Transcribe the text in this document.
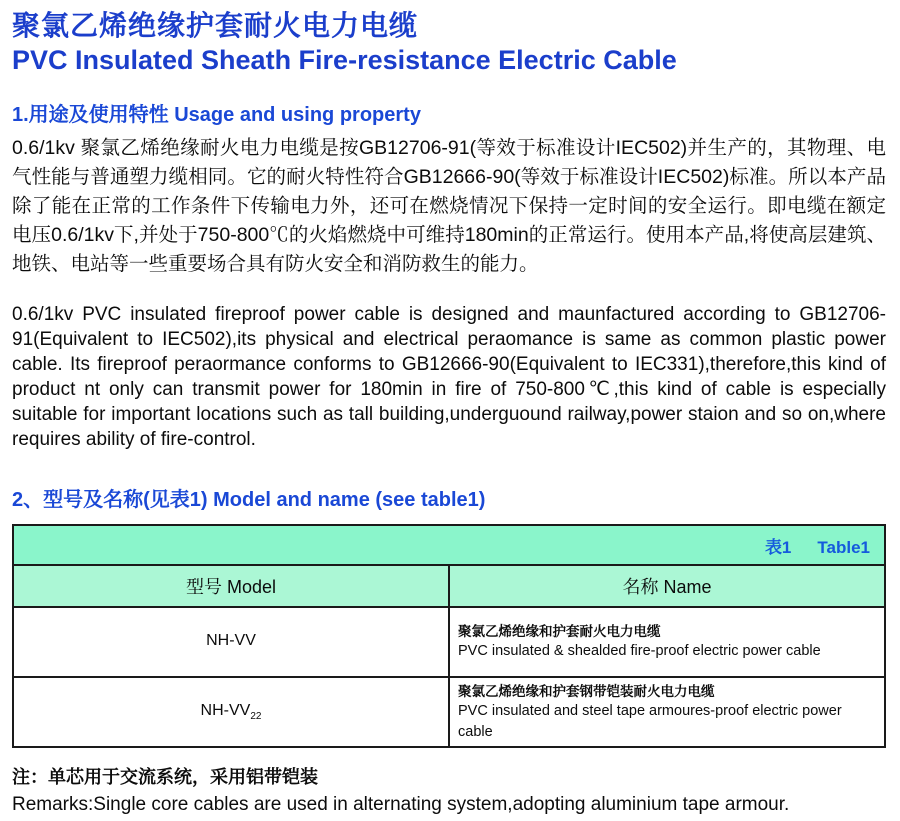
聚氯乙烯绝缘护套耐火电力电缆
PVC Insulated Sheath Fire-resistance Electric Cable
1.用途及使用特性 Usage and using property

0.6/1kv 聚氯乙烯绝缘耐火电力电缆是按GB12706-91(等效于标准设计IEC502)并生产的，其物理、电气性能与普通塑力缆相同。它的耐火特性符合GB12666-90(等效于标准设计IEC502)标准。所以本产品除了能在正常的工作条件下传输电力外，还可在燃烧情况下保持一定时间的安全运行。即电缆在额定电压0.6/1kv下,并处于750-800℃的火焰燃烧中可维持180min的正常运行。使用本产品,将使高层建筑、地铁、电站等一些重要场合具有防火安全和消防救生的能力。

0.6/1kv PVC insulated fireproof power cable is designed and maunfactured according to GB12706-91(Equivalent to IEC502),its physical and electrical peraomance is same as common plastic power cable. Its fireproof peraormance conforms to GB12666-90(Equivalent to IEC331),therefore,this kind of product nt only can transmit power for 180min in fire of 750-800℃,this kind of cable is especially suitable for important locations such as tall building,underguound railway,power staion and so on,where requires ability of fire-control.

2、型号及名称(见表1) Model and name (see table1)
表1 Table1	
型号 Model	名称 Name
NH-VV	聚氯乙烯绝缘和护套耐火电力电缆
PVC insulated & shealded fire-proof electric power cable

$NH-VV_{22}$	聚氯乙烯绝缘和护套钢带铠装耐火电力电缆
PVC insulated and steel tape armoures-proof electric power cable
注：单芯用于交流系统，采用铝带铠装
Remarks:Single core cables are used in alternating system,adopting aluminium tape armour.
